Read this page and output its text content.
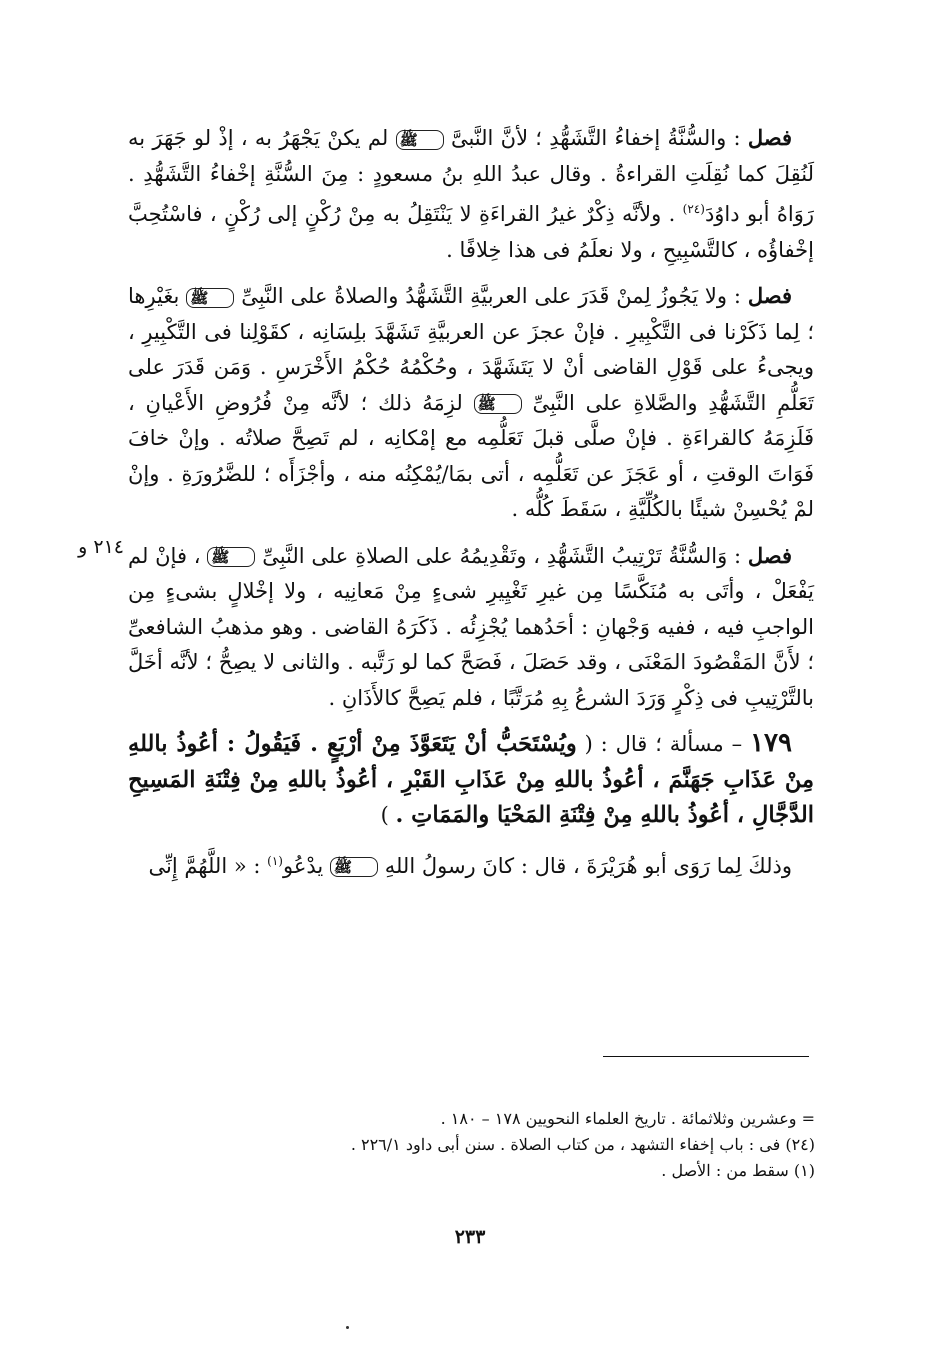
فصل : والسُّنَّةُ إخفاءُ التَّشَهُّدِ ؛ لأنَّ النَّبىَّ ﷺ لم يكنْ يَجْهَرُ به ، إذْ لو جَهَرَ به لَنُقِلَ كما نُقِلَتِ القراءةُ . وقال عبدُ اللهِ بنُ مسعودٍ : مِنَ السُّنَّةِ إخْفاءُ التَّشَهُّدِ . رَوَاهُ أبو داوُدَ$^{(٢٤)}$ . ولأنَّه ذِكْرٌ غيرُ القراءَةِ لا يَنْتَقِلُ به مِنْ رُكْنٍ إلى رُكْنٍ ، فاسْتُحِبَّ إخْفاؤُه ، كالتَّسْبِيحِ ، ولا نعلَمُ فى هذا خِلافًا .

فصل : ولا يَجُوزُ لِمنْ قَدَرَ على العربيَّةِ التَّشَهُّدُ والصلاةُ على النَّبِىِّ ﷺ بغَيْرِها ؛ لِما ذَكَرْنا فى التَّكْبِيرِ . فإنْ عجزَ عن العربيَّةِ تَشَهَّدَ بلِسَانِه ، كقَوْلِنا فى التَّكْبِيرِ ، ويجىءُ على قَوْلِ القاضى أنْ لا يَتَشَهَّدَ ، وحُكْمُهُ حُكْمُ الأَخْرَسِ . وَمَن قَدَرَ على تَعَلُّمِ التَّشَهُّدِ والصَّلاةِ على النَّبِىِّ ﷺ لزِمَهُ ذلك ؛ لأنَّه مِنْ فُرُوضِ الأَعْيانِ ، فَلَزِمَهُ كالقراءَةِ . فإنْ صلَّى قبلَ تَعَلُّمِه مع إمْكانِه ، لم تَصِحَّ صلاتُه . وإنْ خافَ فَوَاتَ الوقتِ ، أو عَجَزَ عن تَعَلُّمِه ، أتى بمَا/يُمْكِنُه منه ، وأجْزَأَه ؛ للضَّرُورَةِ . وإنْ لمْ يُحْسِنْ شيئًا بالكُلِّيَّةِ ، سَقَطَ كُلُّه .

فصل : وَالسُّنَّةُ تَرْتِيبُ التَّشَهُّدِ ، وتَقْدِيمُهُ على الصلاةِ على النَّبِىِّ ﷺ ، فإنْ لم يَفْعَلْ ، وأتَى به مُنَكَّسًا مِن غيرِ تَغْيِيرِ شىءٍ مِنْ مَعانِيه ، ولا إخْلالٍ بشىءٍ مِن الواجبِ فيه ، ففيه وَجْهانِ : أحَدُهما يُجْزِئُه . ذَكَرَهُ القاضى . وهو مذهبُ الشافعىِّ ؛ لأَنَّ المَقْصُودَ المَعْنَى ، وقد حَصَلَ ، فَصَحَّ كما لو رَتَّبه . والثانى لا يصِحُّ ؛ لأنَّه أخَلَّ بالتَّرْتِيبِ فى ذِكْرٍ وَرَدَ الشرعُ بِهِ مُرَتَّبًا ، فلم يَصِحَّ كالأَذَانِ .

١٧٩ – مسألة ؛ قال : ( ويُسْتَحَبُّ أنْ يَتَعَوَّذَ مِنْ أرْبَعٍ . فَيَقُولُ : أعُوذُ باللهِ مِنْ عَذَابِ جَهَنَّمَ ، أعُوذُ باللهِ مِنْ عَذَابِ القَبْرِ ، أعُوذُ باللهِ مِنْ فِتْنَةِ المَسِيحِ الدَّجَّالِ ، أعُوذُ باللهِ مِنْ فِتْنَةِ المَحْيَا والمَمَاتِ . )

وذلكَ لِما رَوَى أبو هُرَيْرَةَ ، قال : كانَ رسولُ اللهِ ﷺ يدْعُو$^{(١)}$ : « اللَّهُمَّ إِنِّى

٢١٤ و

= وعشرين وثلاثمائة . تاريخ العلماء النحويين ١٧٨ – ١٨٠ .

(٢٤) فى : باب إخفاء التشهد ، من كتاب الصلاة . سنن أبى داود ٢٢٦/١ .

(١) سقط من : الأصل .

٢٣٣
